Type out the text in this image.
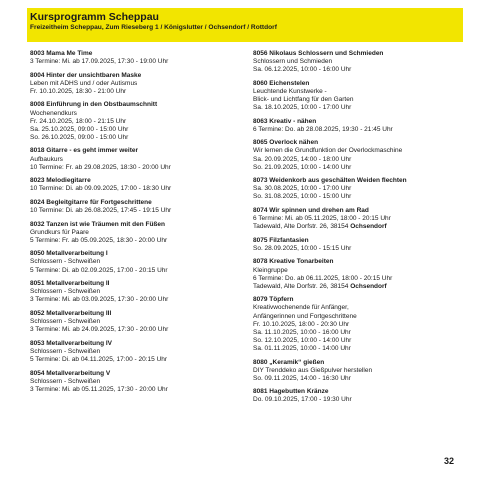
Kursprogramm Scheppau
Freizeitheim Scheppau, Zum Rieseberg 1 / Königslutter / Ochsendorf / Rottdorf
8003 Mama Me Time
3 Termine: Mi. ab 17.09.2025, 17:30 - 19:00 Uhr
8004 Hinter der unsichtbaren Maske
Leben mit ADHS und / oder Autismus
Fr. 10.10.2025, 18:30 - 21:00 Uhr
8008 Einführung in den Obstbaumschnitt
Wochenendkurs
Fr. 24.10.2025, 18:00 - 21:15 Uhr
Sa. 25.10.2025, 09:00 - 15:00 Uhr
So. 26.10.2025, 09:00 - 15:00 Uhr
8018 Gitarre - es geht immer weiter
Aufbaukurs
10 Termine: Fr. ab 29.08.2025, 18:30 - 20:00 Uhr
8023 Melodiegitarre
10 Termine: Di. ab 09.09.2025, 17:00 - 18:30 Uhr
8024 Begleitgitarre für Fortgeschrittene
10 Termine: Di. ab 26.08.2025, 17:45 - 19:15 Uhr
8032 Tanzen ist wie Träumen mit den Füßen
Grundkurs für Paare
5 Termine: Fr. ab 05.09.2025, 18:30 - 20:00 Uhr
8050 Metallverarbeitung I
Schlossern - Schweißen
5 Termine: Di. ab 02.09.2025, 17:00 - 20:15 Uhr
8051 Metallverarbeitung II
Schlossern - Schweißen
3 Termine: Mi. ab 03.09.2025, 17:30 - 20:00 Uhr
8052 Metallverarbeitung III
Schlossern - Schweißen
3 Termine: Mi. ab 24.09.2025, 17:30 - 20:00 Uhr
8053 Metallverarbeitung IV
Schlossern - Schweißen
5 Termine: Di. ab 04.11.2025, 17:00 - 20:15 Uhr
8054 Metallverarbeitung V
Schlossern - Schweißen
3 Termine: Mi. ab 05.11.2025, 17:30 - 20:00 Uhr
8056 Nikolaus Schlossern und Schmieden
Schlossern und Schmieden
Sa. 06.12.2025, 10:00 - 16:00 Uhr
8060 Eichenstelen
Leuchtende Kunstwerke -
Blick- und Lichtfang für den Garten
Sa. 18.10.2025, 10:00 - 17:00 Uhr
8063 Kreativ - nähen
6 Termine: Do. ab 28.08.2025, 19:30 - 21:45 Uhr
8065 Overlock nähen
Wir lernen die Grundfunktion der Overlockmaschine
Sa. 20.09.2025, 14:00 - 18:00 Uhr
So. 21.09.2025, 10:00 - 14:00 Uhr
8073 Weidenkorb aus geschälten Weiden flechten
Sa. 30.08.2025, 10:00 - 17:00 Uhr
So. 31.08.2025, 10:00 - 15:00 Uhr
8074 Wir spinnen und drehen am Rad
6 Termine: Mi. ab 05.11.2025, 18:00 - 20:15 Uhr
Tadewald, Alte Dorfstr. 26, 38154 Ochsendorf
8075 Filzfantasien
So. 28.09.2025, 10:00 - 15:15 Uhr
8078 Kreative Tonarbeiten
Kleingruppe
6 Termine: Do. ab 06.11.2025, 18:00 - 20:15 Uhr
Tadewald, Alte Dorfstr. 26, 38154 Ochsendorf
8079 Töpfern
Kreativwochenende für Anfänger,
Anfängerinnen und Fortgeschrittene
Fr. 10.10.2025, 18:00 - 20:30 Uhr
Sa. 11.10.2025, 10:00 - 16:00 Uhr
So. 12.10.2025, 10:00 - 14:00 Uhr
Sa. 01.11.2025, 10:00 - 14:00 Uhr
8080 „Keramik“ gießen
DIY Trenddeko aus Gießpulver herstellen
So. 09.11.2025, 14:00 - 16:30 Uhr
8081 Hagebutten Kränze
Do. 09.10.2025, 17:00 - 19:30 Uhr
32
